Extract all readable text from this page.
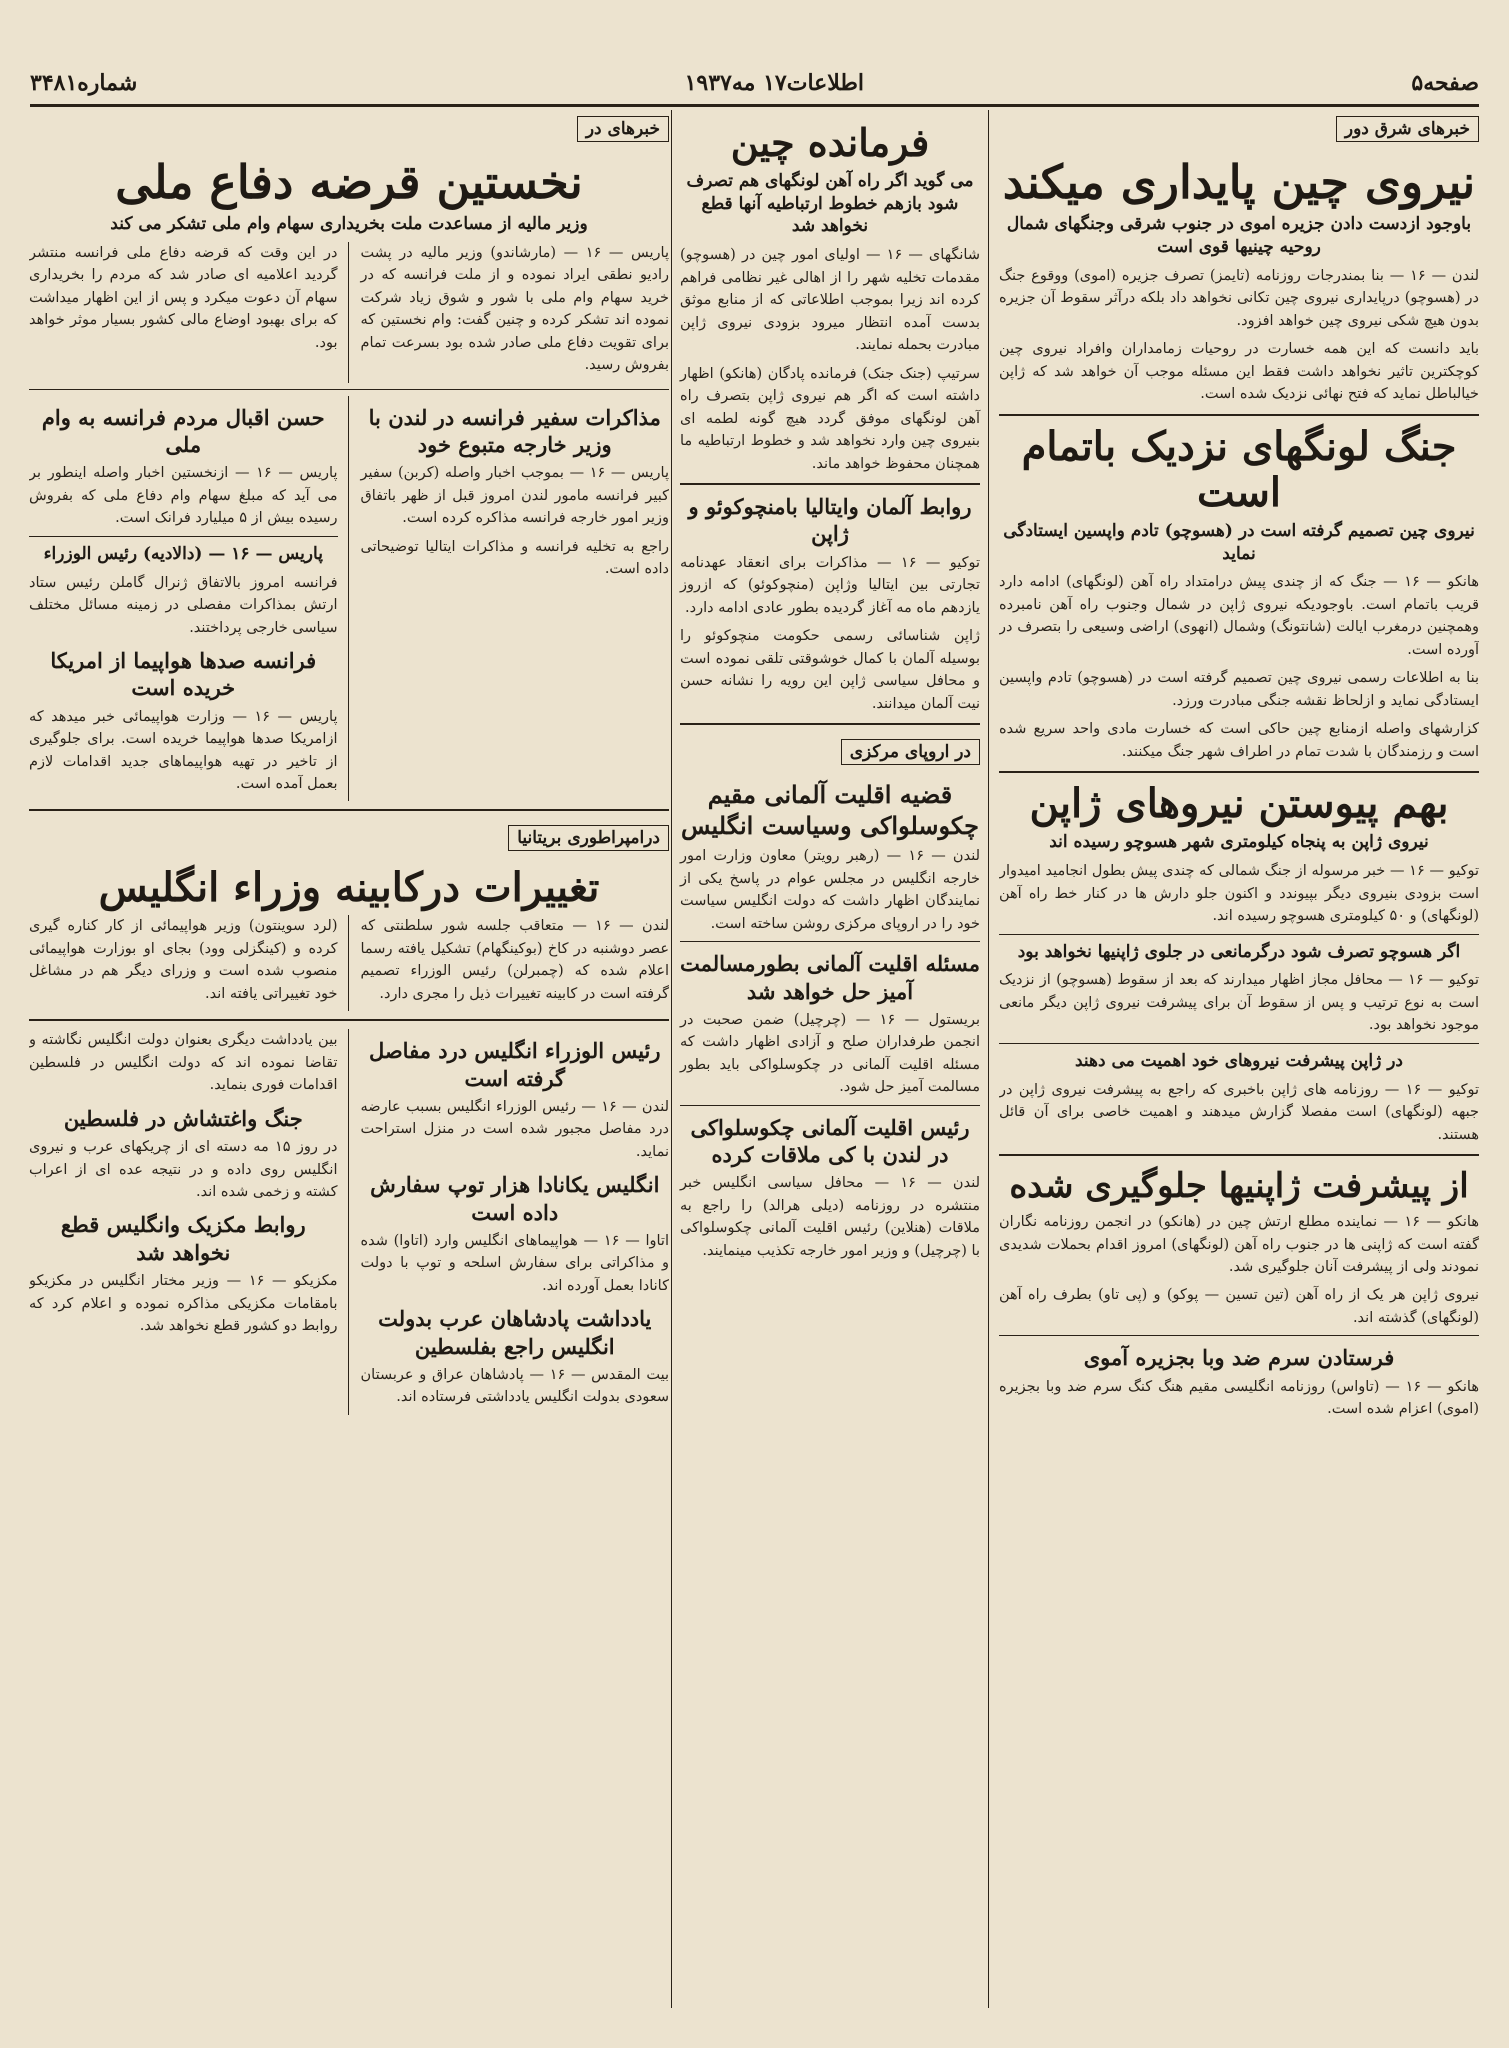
صفحه۵
اطلاعات۱۷ مه۱۹۳۷
شماره۳۴۸۱
خبرهای شرق دور
نیروی چین پایداری میکند
باوجود ازدست دادن جزیره اموی در جنوب شرقی وجنگهای شمال روحیه چینیها قوی است

لندن — ۱۶ — بنا بمندرجات روزنامه (تایمز) تصرف جزیره (اموی) ووقوع جنگ در (هسوچو) درپایداری نیروی چین تکانی نخواهد داد بلکه درآثر سقوط آن جزیره بدون هیچ شکی نیروی چین خواهد افزود.

باید دانست که این همه خسارت در روحیات زمامداران وافراد نیروی چین کوچکترین تاثیر نخواهد داشت فقط این مسئله موجب آن خواهد شد که ژاپن خیالباطل نماید که فتح نهائی نزدیک شده است.

جنگ لونگهای نزدیک باتمام است
نیروی چین تصمیم گرفته است در (هسوچو) تادم واپسین ایستادگی نماید

هانکو — ۱۶ — جنگ که از چندی پیش درامتداد راه آهن (لونگهای) ادامه دارد قریب باتمام است. باوجودیکه نیروی ژاپن در شمال وجنوب راه آهن نامبرده وهمچنین درمغرب ایالت (شانتونگ) وشمال (انهوی) اراضی وسیعی را بتصرف در آورده است.

بنا به اطلاعات رسمی نیروی چین تصمیم گرفته است در (هسوچو) تادم واپسین ایستادگی نماید و ازلحاظ نقشه جنگی مبادرت ورزد.

کزارشهای واصله ازمنابع چین حاکی است که خسارت مادی واحد سریع شده است و رزمندگان با شدت تمام در اطراف شهر جنگ میکنند.

بهم پیوستن نیروهای ژاپن
نیروی ژاپن به پنجاه کیلومتری شهر هسوچو رسیده اند

توکیو — ۱۶ — خبر مرسوله از جنگ شمالی که چندی پیش بطول انجامید امیدوار است بزودی بنیروی دیگر بپیوندد و اکنون جلو دارش ها در کنار خط راه آهن (لونگهای) و ۵۰ کیلومتری هسوچو رسیده اند.

اگر هسوچو تصرف شود درگرمانعی در جلوی ژاپنیها نخواهد بود

توکیو — ۱۶ — محافل مجاز اظهار میدارند که بعد از سقوط (هسوچو) از نزدیک است به نوع ترتیب و پس از سقوط آن برای پیشرفت نیروی ژاپن دیگر مانعی موجود نخواهد بود.

در ژاپن پیشرفت نیروهای خود اهمیت می دهند

توکیو — ۱۶ — روزنامه های ژاپن باخبری که راجع به پیشرفت نیروی ژاپن در جبهه (لونگهای) است مفصلا گزارش میدهند و اهمیت خاصی برای آن قائل هستند.

از پیشرفت ژاپنیها جلوگیری شده

هانکو — ۱۶ — نماینده مطلع ارتش چین در (هانکو) در انجمن روزنامه نگاران گفته است که ژاپنی ها در جنوب راه آهن (لونگهای) امروز اقدام بحملات شدیدی نمودند ولی از پیشرفت آنان جلوگیری شد.

نیروی ژاپن هر یک از راه آهن (تین تسین — پوکو) و (پی تاو) بطرف راه آهن (لونگهای) گذشته اند.

فرستادن سرم ضد وبا بجزیره آموی

هانکو — ۱۶ — (تاواس) روزنامه انگلیسی مقیم هنگ کنگ سرم ضد وبا بجزیره (اموی) اعزام شده است.

فرمانده چین
می گوید اگر راه آهن لونگهای هم تصرف شود بازهم خطوط ارتباطیه آنها قطع نخواهد شد

شانگهای — ۱۶ — اولیای امور چین در (هسوچو) مقدمات تخلیه شهر را از اهالی غیر نظامی فراهم کرده اند زیرا بموجب اطلاعاتی که از منابع موثق بدست آمده انتظار میرود بزودی نیروی ژاپن مبادرت بحمله نمایند.

سرتیپ (جنک جنک) فرمانده پادگان (هانکو) اظهار داشته است که اگر هم نیروی ژاپن بتصرف راه آهن لونگهای موفق گردد هیچ گونه لطمه ای بنیروی چین وارد نخواهد شد و خطوط ارتباطیه ما همچنان محفوظ خواهد ماند.

روابط آلمان وایتالیا بامنچوکوئو و ژاپن

توکیو — ۱۶ — مذاکرات برای انعقاد عهدنامه تجارتی بین ایتالیا وژاپن (منچوکوئو) که ازروز یازدهم ماه مه آغاز گردیده بطور عادی ادامه دارد.

ژاپن شناسائی رسمی حکومت منچوکوئو را بوسیله آلمان با کمال خوشوقتی تلقی نموده است و محافل سیاسی ژاپن این رویه را نشانه حسن نیت آلمان میدانند.

در اروپای مرکزی
قضیه اقلیت آلمانی مقیم چکوسلواکی وسیاست انگلیس

لندن — ۱۶ — (رهبر رویتر) معاون وزارت امور خارجه انگلیس در مجلس عوام در پاسخ یکی از نمایندگان اظهار داشت که دولت انگلیس سیاست خود را در اروپای مرکزی روشن ساخته است.

مسئله اقلیت آلمانی بطورمسالمت آمیز حل خواهد شد

بریستول — ۱۶ — (چرچیل) ضمن صحبت در انجمن طرفداران صلح و آزادی اظهار داشت که مسئله اقلیت آلمانی در چکوسلواکی باید بطور مسالمت آمیز حل شود.

رئیس اقلیت آلمانی چکوسلواکی در لندن با کی ملاقات کرده

لندن — ۱۶ — محافل سیاسی انگلیس خبر منتشره در روزنامه (دیلی هرالد) را راجع به ملاقات (هنلاین) رئیس اقلیت آلمانی چکوسلواکی با (چرچیل) و وزیر امور خارجه تکذیب مینمایند.

خبرهای در
نخستین قرضه دفاع ملی
وزیر مالیه از مساعدت ملت بخریداری سهام وام ملی تشکر می کند

پاریس — ۱۶ — (مارشاندو) وزیر مالیه در پشت رادیو نطقی ایراد نموده و از ملت فرانسه که در خرید سهام وام ملی با شور و شوق زیاد شرکت نموده اند تشکر کرده و چنین گفت: وام نخستین که برای تقویت دفاع ملی صادر شده بود بسرعت تمام بفروش رسید.

در این وقت که قرضه دفاع ملی فرانسه منتشر گردید اعلامیه ای صادر شد که مردم را بخریداری سهام آن دعوت میکرد و پس از این اظهار میداشت که برای بهبود اوضاع مالی کشور بسیار موثر خواهد بود.

مذاکرات سفیر فرانسه در لندن با وزیر خارجه متبوع خود

پاریس — ۱۶ — بموجب اخبار واصله (کربن) سفیر کبیر فرانسه مامور لندن امروز قبل از ظهر باتفاق وزیر امور خارجه فرانسه مذاکره کرده است.

راجع به تخلیه فرانسه و مذاکرات ایتالیا توضیحاتی داده است.

حسن اقبال مردم فرانسه به وام ملی

پاریس — ۱۶ — ازنخستین اخبار واصله اینطور بر می آید که مبلغ سهام وام دفاع ملی که بفروش رسیده بیش از ۵ میلیارد فرانک است.

پاریس — ۱۶ — (دالادیه) رئیس الوزراء

فرانسه امروز بالاتفاق ژنرال گاملن رئیس ستاد ارتش بمذاکرات مفصلی در زمینه مسائل مختلف سیاسی خارجی پرداختند.

فرانسه صدها هواپیما از امریکا خریده است

پاریس — ۱۶ — وزارت هواپیمائی خبر میدهد که ازامریکا صدها هواپیما خریده است. برای جلوگیری از تاخیر در تهیه هواپیماهای جدید اقدامات لازم بعمل آمده است.

درامپراطوری بریتانیا
تغییرات درکابینه وزراء انگلیس

لندن — ۱۶ — متعاقب جلسه شور سلطنتی که عصر دوشنبه در کاخ (بوکینگهام) تشکیل یافته رسما اعلام شده که (چمبرلن) رئیس الوزراء تصمیم گرفته است در کابینه تغییرات ذیل را مجری دارد.

(لرد سوینتون) وزیر هواپیمائی از کار کناره گیری کرده و (کینگزلی وود) بجای او بوزارت هواپیمائی منصوب شده است و وزرای دیگر هم در مشاغل خود تغییراتی یافته اند.

رئیس الوزراء انگلیس درد مفاصل گرفته است

لندن — ۱۶ — رئیس الوزراء انگلیس بسبب عارضه درد مفاصل مجبور شده است در منزل استراحت نماید.

انگلیس یکانادا هزار توپ سفارش داده است

اتاوا — ۱۶ — هواپیماهای انگلیس وارد (اتاوا) شده و مذاکراتی برای سفارش اسلحه و توپ با دولت کانادا بعمل آورده اند.

یادداشت پادشاهان عرب بدولت انگلیس راجع بفلسطین

بیت المقدس — ۱۶ — پادشاهان عراق و عربستان سعودی بدولت انگلیس یادداشتی فرستاده اند.

بین یادداشت دیگری بعنوان دولت انگلیس نگاشته و تقاضا نموده اند که دولت انگلیس در فلسطین اقدامات فوری بنماید.

جنگ واغتشاش در فلسطین

در روز ۱۵ مه دسته ای از چریکهای عرب و نیروی انگلیس روی داده و در نتیجه عده ای از اعراب کشته و زخمی شده اند.

روابط مکزیک وانگلیس قطع نخواهد شد

مکزیکو — ۱۶ — وزیر مختار انگلیس در مکزیکو بامقامات مکزیکی مذاکره نموده و اعلام کرد که روابط دو کشور قطع نخواهد شد.
